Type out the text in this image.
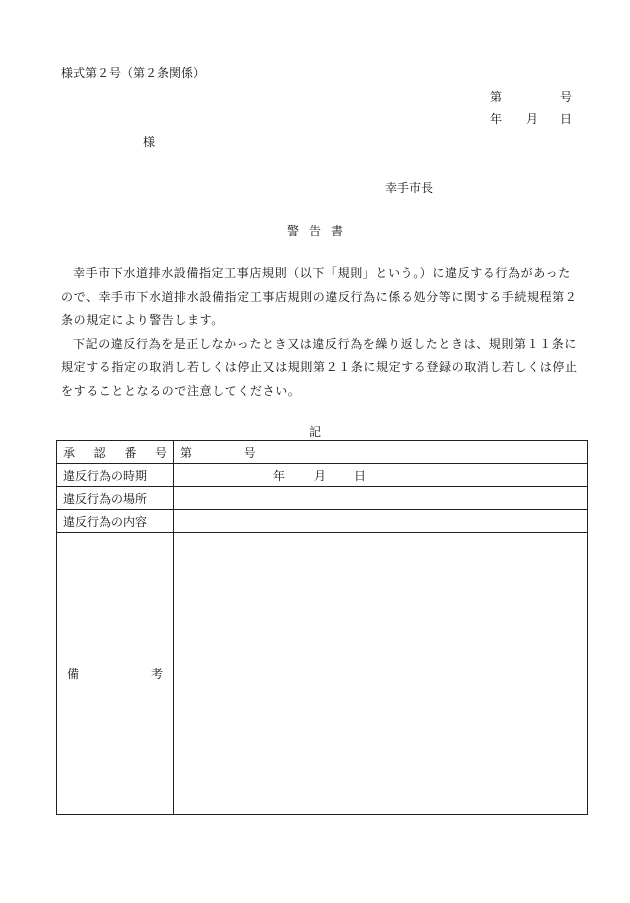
様式第２号（第２条関係）
第	号
年 月 日
様
幸手市長
警告書

幸手市下水道排水設備指定工事店規則（以下「規則」という。）に違反する行為があったので、幸手市下水道排水設備指定工事店規則の違反行為に係る処分等に関する手続規程第２条の規定により警告します。

下記の違反行為を是正しなかったとき又は違反行為を繰り返したときは、規則第１１条に規定する指定の取消し若しくは停止又は規則第２１条に規定する登録の取消し若しくは停止をすることとなるので注意してください。

記
承 認 番 号	第 号
違反行為の時期	年 月 日

違反行為の場所	
違反行為の内容	

備 考	
